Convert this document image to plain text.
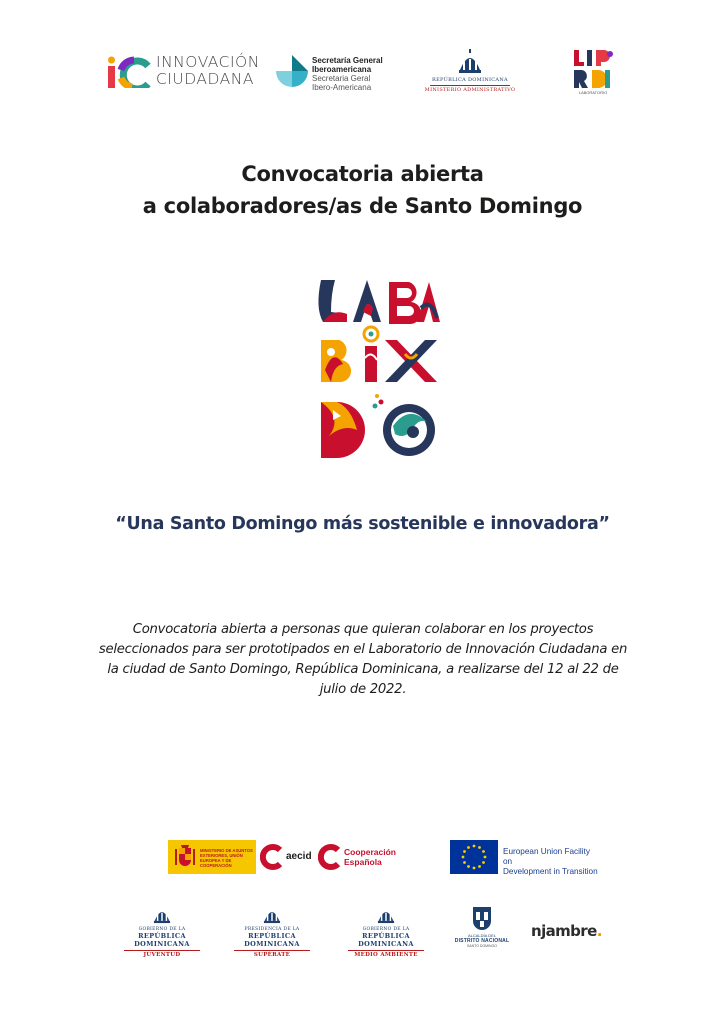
INNOVACIÓN
CIUDADANA
Secretaría General
Iberoamericana
Secretaria Geral
Ibero-Americana
REPÚBLICA DOMINICANA
MINISTERIO ADMINISTRATIVO	LABORATORIO
Convocatoria abierta
a colaboradores/as de Santo Domingo
“Una Santo Domingo más sostenible e innovadora”
Convocatoria abierta a personas que quieran colaborar en los proyectos seleccionados para ser prototipados en el Laboratorio de Innovación Ciudadana en la ciudad de Santo Domingo, República Dominicana, a realizarse del 12 al 22 de julio de 2022.
MINISTERIO DE ASUNTOS EXTERIORES, UNIÓN EUROPEA Y DE COOPERACIÓN
aecid	Cooperación
Española
European Union Facility on
Development in Transition
GOBIERNO DE LA
REPÚBLICA DOMINICANA
JUVENTUD
PRESIDENCIA DE LA
REPÚBLICA DOMINICANA
SUPÉRATE
GOBIERNO DE LA
REPÚBLICA DOMINICANA
MEDIO AMBIENTE
ALCALDÍA DEL
DISTRITO NACIONAL
SANTO DOMINGO
njambre.
